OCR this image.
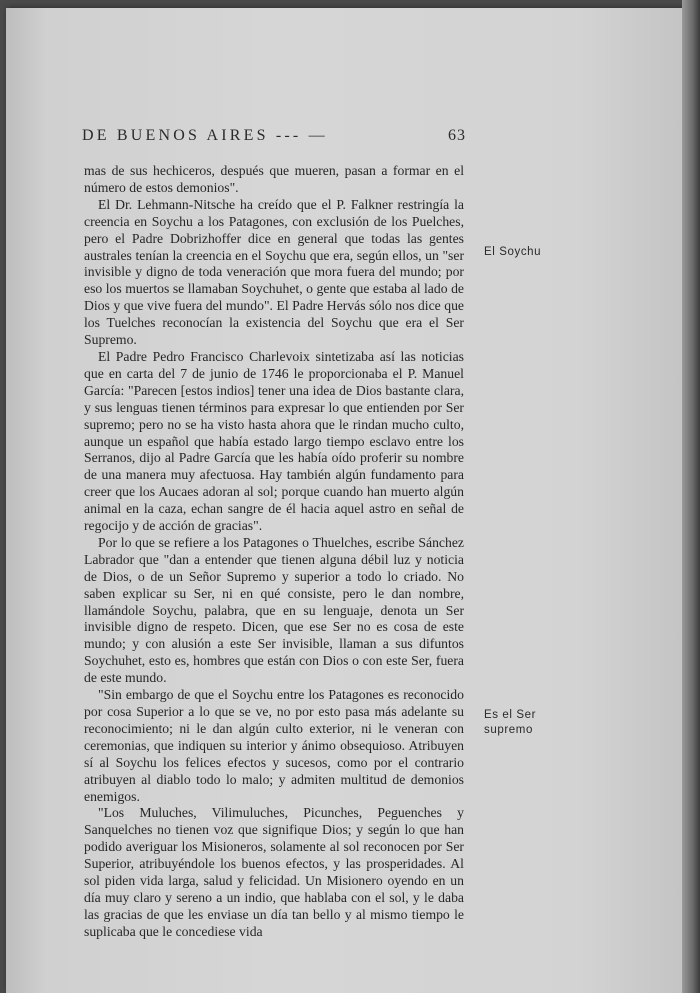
DE BUENOS AIRES --- —	63

mas de sus hechiceros, después que mueren, pasan a formar en el número de estos demonios".

El Dr. Lehmann-Nitsche ha creído que el P. Falkner restringía la creencia en Soychu a los Patagones, con exclusión de los Puelches, pero el Padre Dobrizhoffer dice en general que todas las gentes australes tenían la creencia en el Soychu que era, según ellos, un "ser invisible y digno de toda veneración que mora fuera del mundo; por eso los muertos se llamaban Soychuhet, o gente que estaba al lado de Dios y que vive fuera del mundo". El Padre Hervás sólo nos dice que los Tuelches reconocían la existencia del Soychu que era el Ser Supremo.

El Padre Pedro Francisco Charlevoix sintetizaba así las noticias que en carta del 7 de junio de 1746 le proporcionaba el P. Manuel García: "Parecen [estos indios] tener una idea de Dios bastante clara, y sus lenguas tienen términos para expresar lo que entienden por Ser supremo; pero no se ha visto hasta ahora que le rindan mucho culto, aunque un español que había estado largo tiempo esclavo entre los Serranos, dijo al Padre García que les había oído proferir su nombre de una manera muy afectuosa. Hay también algún fundamento para creer que los Aucaes adoran al sol; porque cuando han muerto algún animal en la caza, echan sangre de él hacia aquel astro en señal de regocijo y de acción de gracias".

Por lo que se refiere a los Patagones o Thuelches, escribe Sánchez Labrador que "dan a entender que tienen alguna débil luz y noticia de Dios, o de un Señor Supremo y superior a todo lo criado. No saben explicar su Ser, ni en qué consiste, pero le dan nombre, llamándole Soychu, palabra, que en su lenguaje, denota un Ser invisible digno de respeto. Dicen, que ese Ser no es cosa de este mundo; y con alusión a este Ser invisible, llaman a sus difuntos Soychuhet, esto es, hombres que están con Dios o con este Ser, fuera de este mundo.

"Sin embargo de que el Soychu entre los Patagones es reconocido por cosa Superior a lo que se ve, no por esto pasa más adelante su reconocimiento; ni le dan algún culto exterior, ni le veneran con ceremonias, que indiquen su interior y ánimo obsequioso. Atribuyen sí al Soychu los felices efectos y sucesos, como por el contrario atribuyen al diablo todo lo malo; y admiten multitud de demonios enemigos.

"Los Muluches, Vilimuluches, Picunches, Peguenches y Sanquelches no tienen voz que signifique Dios; y según lo que han podido averiguar los Misioneros, solamente al sol reconocen por Ser Superior, atribuyéndole los buenos efectos, y las prosperidades. Al sol piden vida larga, salud y felicidad. Un Misionero oyendo en un día muy claro y sereno a un indio, que hablaba con el sol, y le daba las gracias de que les enviase un día tan bello y al mismo tiempo le suplicaba que le concediese vida

El Soychu
Es el Ser supremo
